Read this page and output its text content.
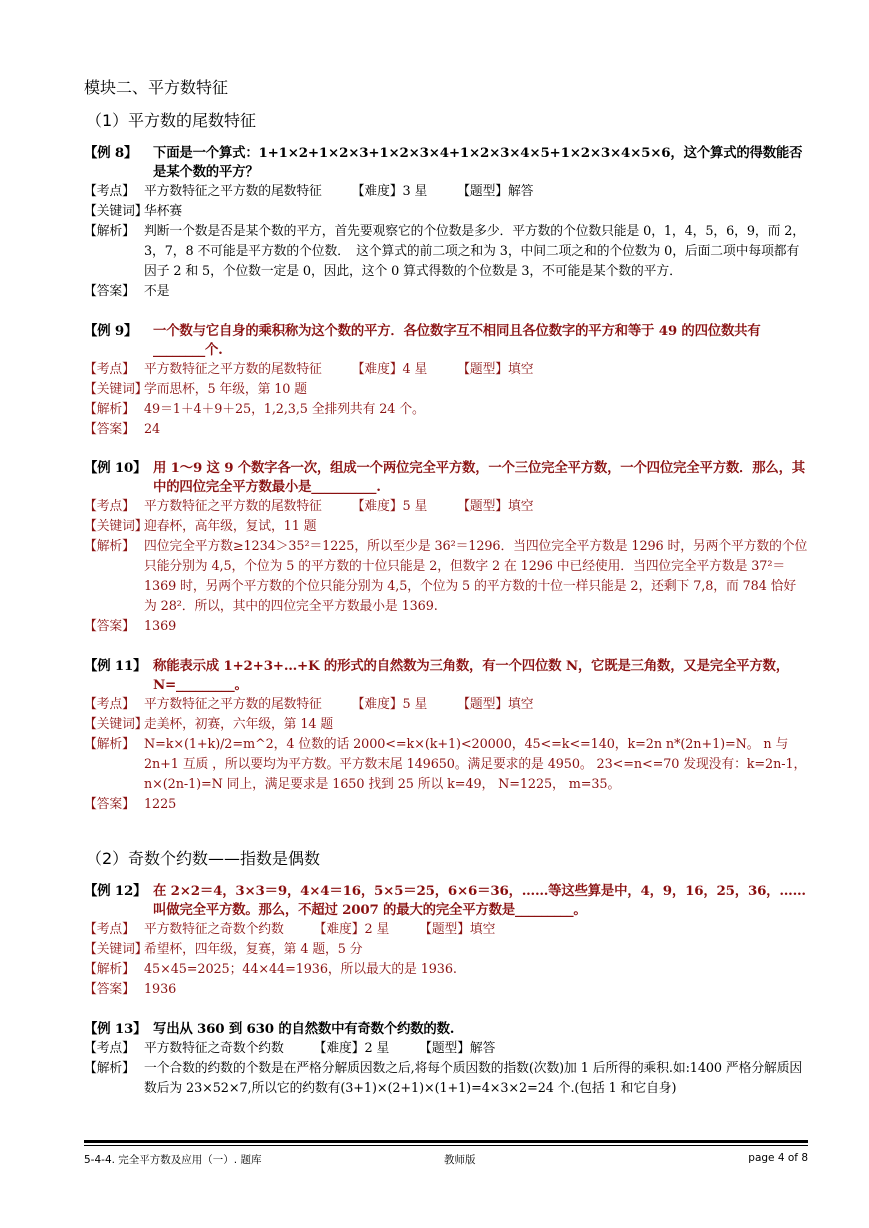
模块二、平方数特征
（1）平方数的尾数特征
【例 8】 下面是一个算式：1+1×2+1×2×3+1×2×3×4+1×2×3×4×5+1×2×3×4×5×6，这个算式的得数能否是某个数的平方？
【考点】 平方数特征之平方数的尾数特征 【难度】3 星 【题型】解答
【关键词】
华杯赛
【解析】 判断一个数是否是某个数的平方，首先要观察它的个位数是多少．平方数的个位数只能是 0，1，4，5，6，9，而 2，3，7，8 不可能是平方数的个位数．　这个算式的前二项之和为 3，中间二项之和的个位数为 0，后面二项中每项都有因子 2 和 5，个位数一定是 0，因此，这个 0 算式得数的个位数是 3，不可能是某个数的平方．
【答案】 不是
【例 9】 一个数与它自身的乘积称为这个数的平方．各位数字互不相同且各位数字的平方和等于 49 的四位数共有________个.
【考点】 平方数特征之平方数的尾数特征 【难度】4 星 【题型】填空
【关键词】
学而思杯，5 年级，第 10 题
【解析】 49＝1＋4＋9＋25，1,2,3,5 全排列共有 24 个。
【答案】 24
【例 10】 用 1～9 这 9 个数字各一次，组成一个两位完全平方数，一个三位完全平方数，一个四位完全平方数．那么，其中的四位完全平方数最小是__________.
【考点】 平方数特征之平方数的尾数特征 【难度】5 星 【题型】填空
【关键词】
迎春杯，高年级，复试，11 题
【解析】 四位完全平方数≥1234＞35²＝1225，所以至少是 36²＝1296．当四位完全平方数是 1296 时，另两个平方数的个位只能分别为 4,5，个位为 5 的平方数的十位只能是 2，但数字 2 在 1296 中已经使用．当四位完全平方数是 37²＝1369 时，另两个平方数的个位只能分别为 4,5，个位为 5 的平方数的十位一样只能是 2，还剩下 7,8，而 784 恰好为 28²．所以，其中的四位完全平方数最小是 1369.
【答案】 1369
【例 11】 称能表示成 1+2+3+…+K 的形式的自然数为三角数，有一个四位数 N，它既是三角数，又是完全平方数，N=_________。
【考点】 平方数特征之平方数的尾数特征 【难度】5 星 【题型】填空
【关键词】
走美杯，初赛，六年级，第 14 题
【解析】 N=k×(1+k)/2=m^2，4 位数的话 2000<=k×(k+1)<20000，45<=k<=140，k=2n n*(2n+1)=N。 n 与 2n+1 互质 ，所以要均为平方数。平方数末尾 149650。满足要求的是 4950。 23<=n<=70 发现没有：k=2n-1，n×(2n-1)=N 同上，满足要求是 1650 找到 25 所以 k=49， N=1225， m=35。
【答案】 1225
（2）奇数个约数——指数是偶数
【例 12】 在 2×2＝4，3×3＝9，4×4＝16，5×5＝25，6×6＝36，……等这些算是中，4，9，16，25，36，……叫做完全平方数。那么，不超过 2007 的最大的完全平方数是_________。
【考点】 平方数特征之奇数个约数 【难度】2 星 【题型】填空
【关键词】
希望杯，四年级，复赛，第 4 题，5 分
【解析】 45×45=2025；44×44=1936，所以最大的是 1936.
【答案】 1936
【例 13】 写出从 360 到 630 的自然数中有奇数个约数的数.
【考点】 平方数特征之奇数个约数 【难度】2 星 【题型】解答
【解析】 一个合数的约数的个数是在严格分解质因数之后,将每个质因数的指数(次数)加 1 后所得的乘积.如:1400 严格分解质因数后为 23×52×7,所以它的约数有(3+1)×(2+1)×(1+1)=4×3×2=24 个.(包括 1 和它自身)
5-4-4. 完全平方数及应用（一）. 题库	教师版	page 4 of 8
